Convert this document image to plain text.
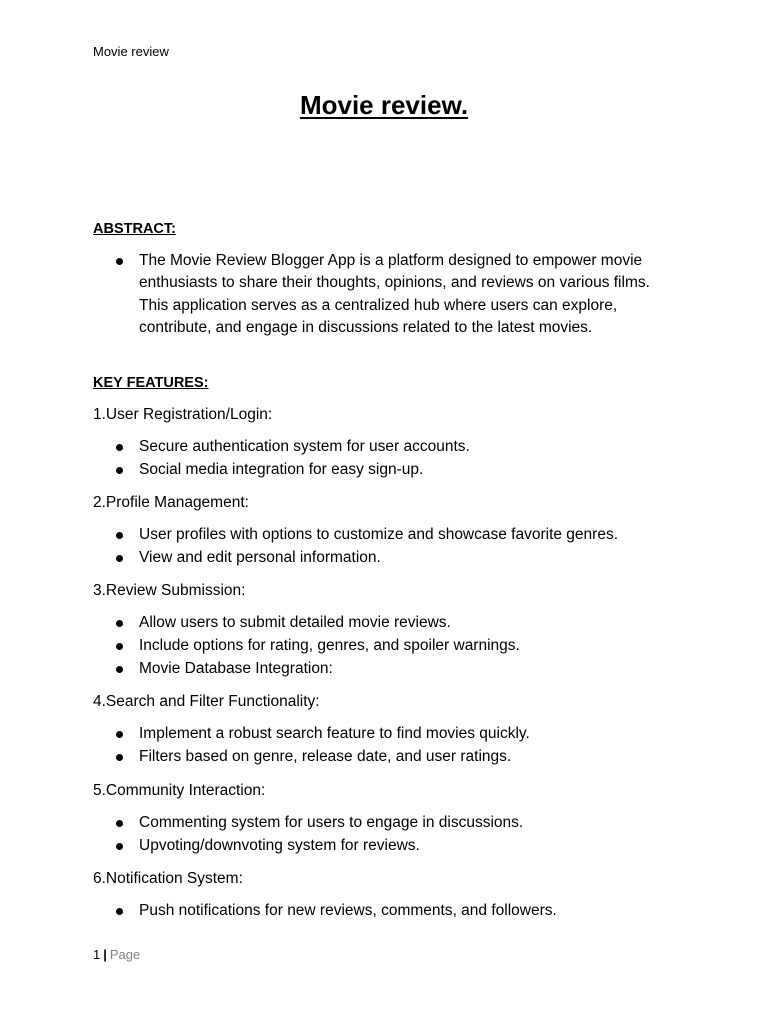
Movie review
Movie review.
ABSTRACT:
The Movie Review Blogger App is a platform designed to empower movie enthusiasts to share their thoughts, opinions, and reviews on various films. This application serves as a centralized hub where users can explore, contribute, and engage in discussions related to the latest movies.
KEY FEATURES:
1.User Registration/Login:
Secure authentication system for user accounts.
Social media integration for easy sign-up.
2.Profile Management:
User profiles with options to customize and showcase favorite genres.
View and edit personal information.
3.Review Submission:
Allow users to submit detailed movie reviews.
Include options for rating, genres, and spoiler warnings.
Movie Database Integration:
4.Search and Filter Functionality:
Implement a robust search feature to find movies quickly.
Filters based on genre, release date, and user ratings.
5.Community Interaction:
Commenting system for users to engage in discussions.
Upvoting/downvoting system for reviews.
6.Notification System:
Push notifications for new reviews, comments, and followers.
1 | Page
